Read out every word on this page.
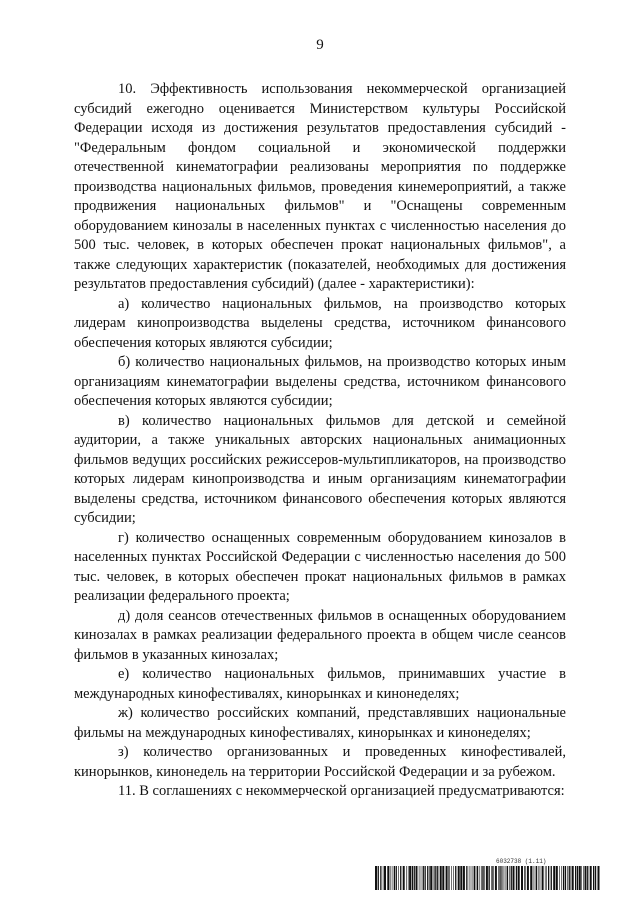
9

10. Эффективность использования некоммерческой организацией субсидий ежегодно оценивается Министерством культуры Российской Федерации исходя из достижения результатов предоставления субсидий - "Федеральным фондом социальной и экономической поддержки отечественной кинематографии реализованы мероприятия по поддержке производства национальных фильмов, проведения кинемероприятий, а также продвижения национальных фильмов" и "Оснащены современным оборудованием кинозалы в населенных пунктах с численностью населения до 500 тыс. человек, в которых обеспечен прокат национальных фильмов", а также следующих характеристик (показателей, необходимых для достижения результатов предоставления субсидий) (далее - характеристики):

а) количество национальных фильмов, на производство которых лидерам кинопроизводства выделены средства, источником финансового обеспечения которых являются субсидии;

б) количество национальных фильмов, на производство которых иным организациям кинематографии выделены средства, источником финансового обеспечения которых являются субсидии;

в) количество национальных фильмов для детской и семейной аудитории, а также уникальных авторских национальных анимационных фильмов ведущих российских режиссеров-мультипликаторов, на производство которых лидерам кинопроизводства и иным организациям кинематографии выделены средства, источником финансового обеспечения которых являются субсидии;

г) количество оснащенных современным оборудованием кинозалов в населенных пунктах Российской Федерации с численностью населения до 500 тыс. человек, в которых обеспечен прокат национальных фильмов в рамках реализации федерального проекта;

д) доля сеансов отечественных фильмов в оснащенных оборудованием кинозалах в рамках реализации федерального проекта в общем числе сеансов фильмов в указанных кинозалах;

е) количество национальных фильмов, принимавших участие в международных кинофестивалях, кинорынках и кинонеделях;

ж) количество российских компаний, представлявших национальные фильмы на международных кинофестивалях, кинорынках и кинонеделях;

з) количество организованных и проведенных кинофестивалей, кинорынков, кинонедель на территории Российской Федерации и за рубежом.

11. В соглашениях с некоммерческой организацией предусматриваются:

6032738 (1.11)
